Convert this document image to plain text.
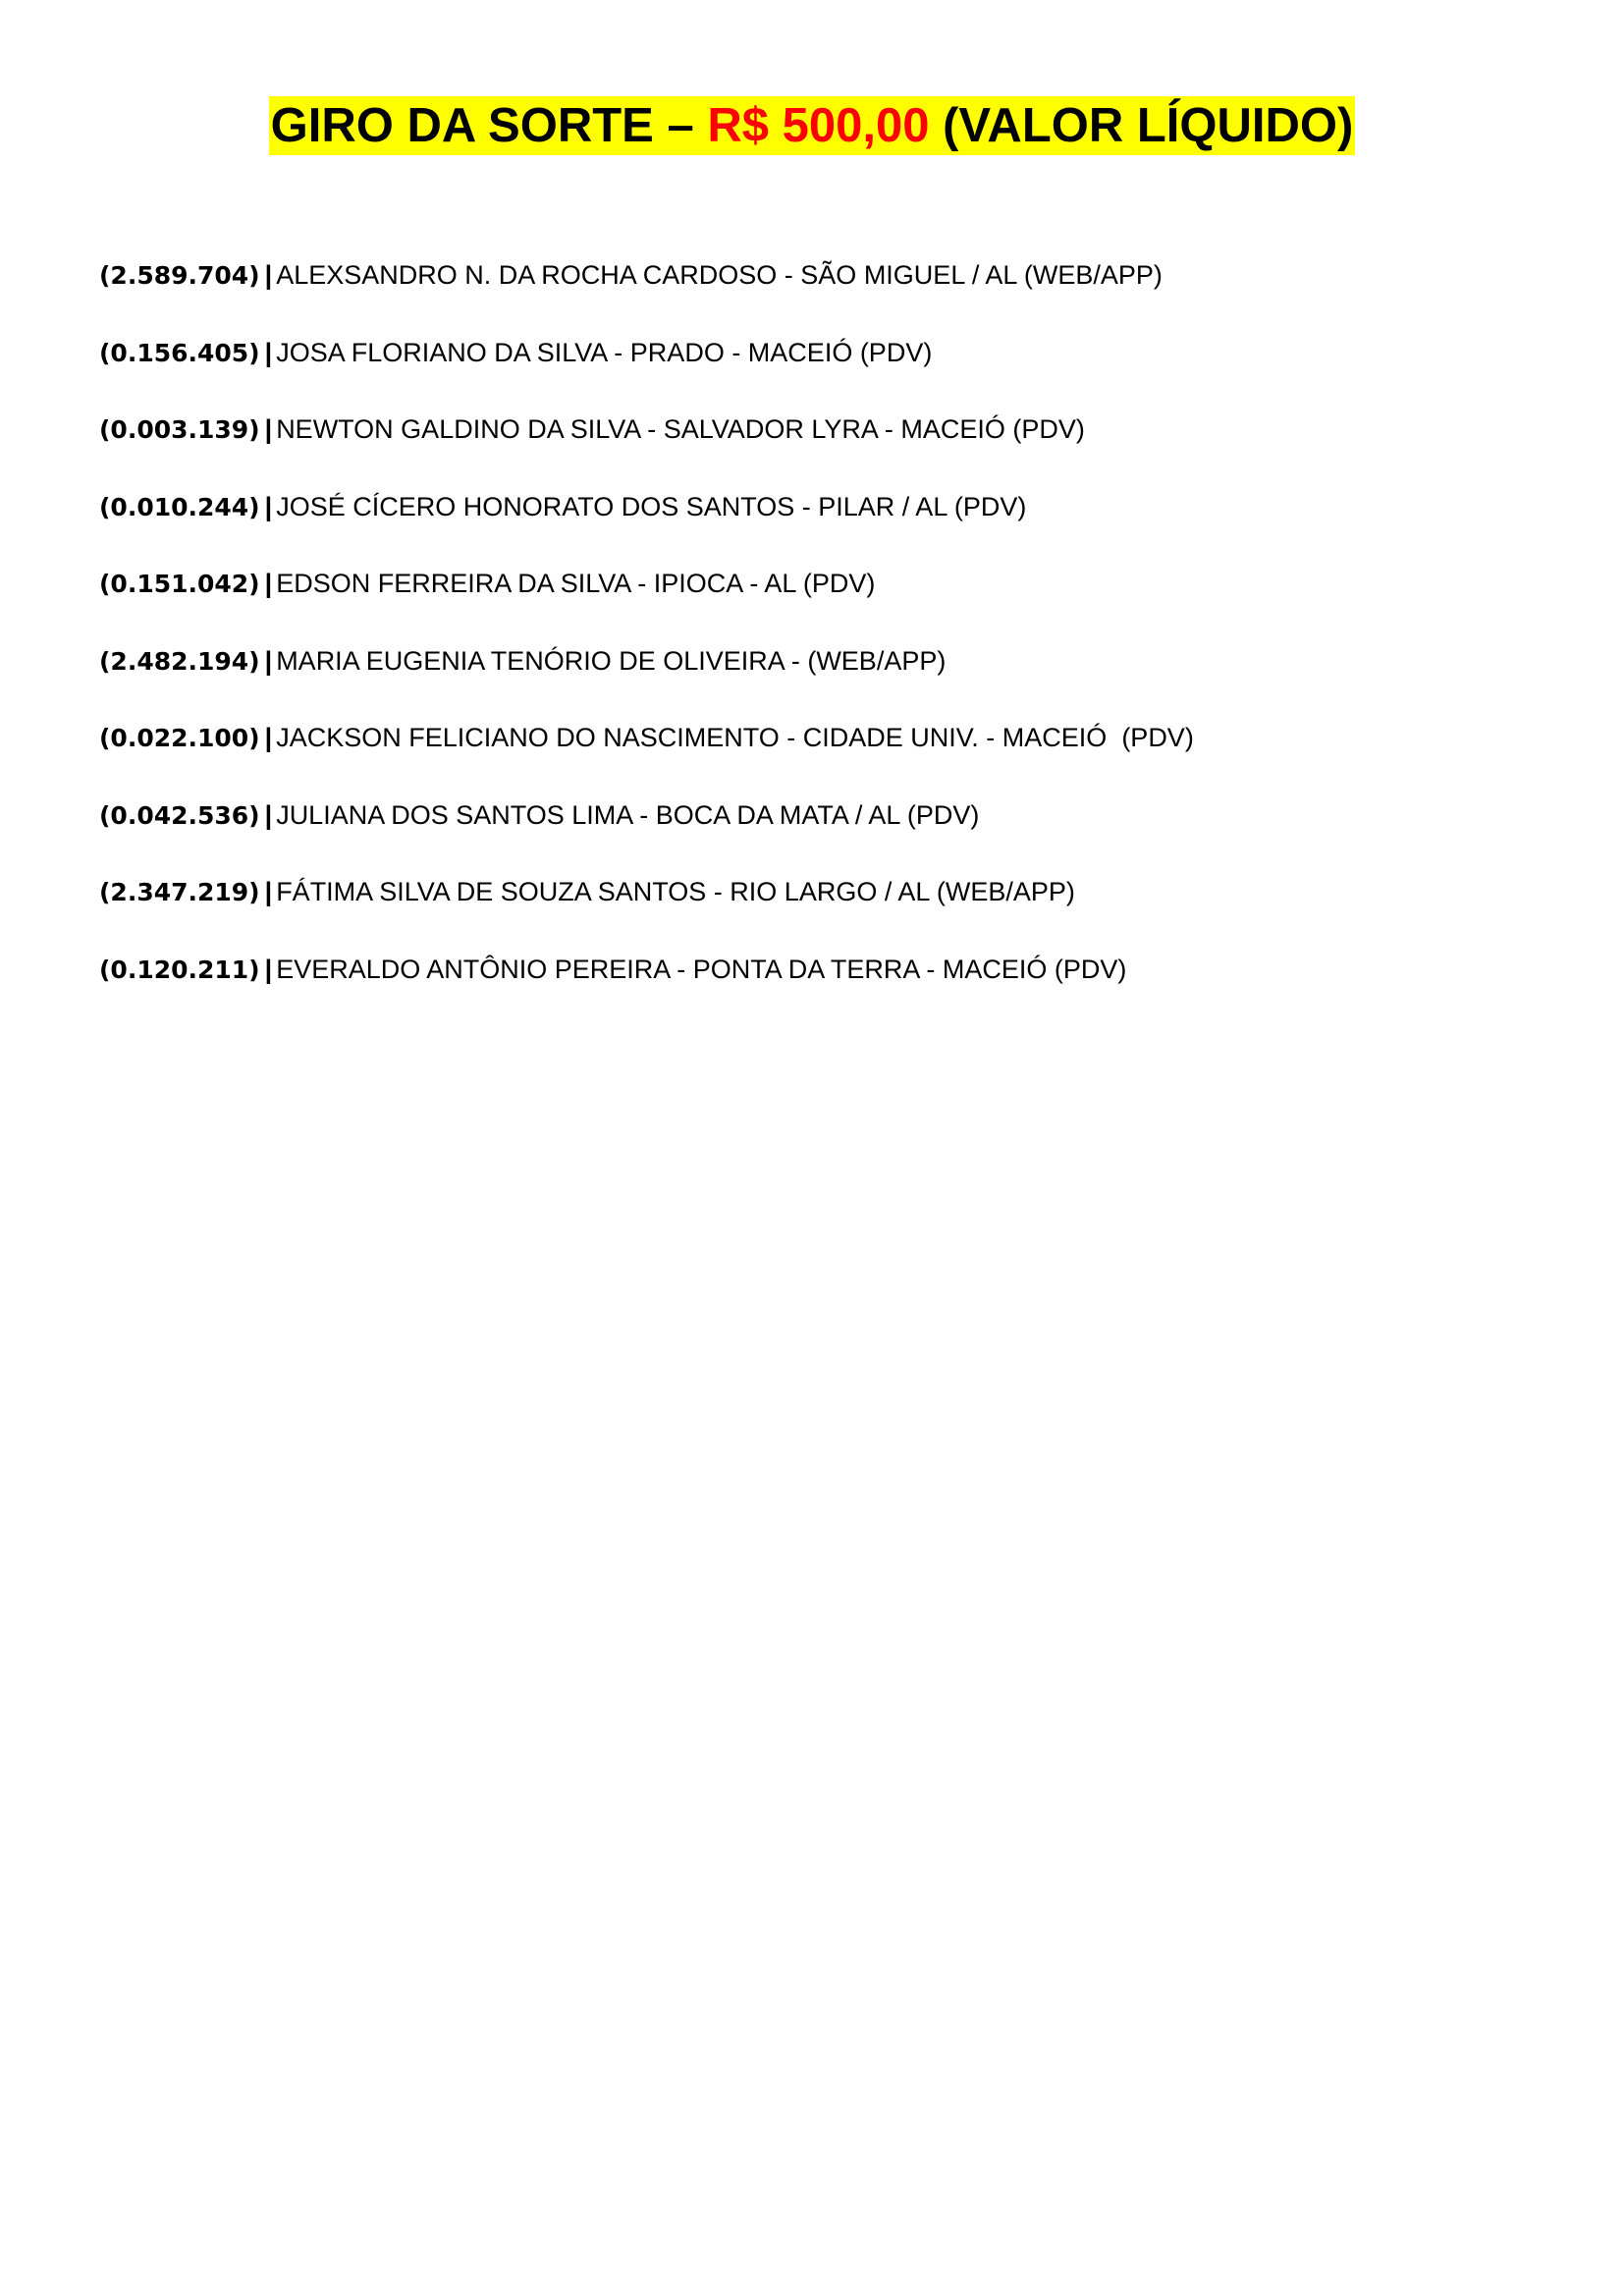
GIRO DA SORTE – R$ 500,00 (VALOR LÍQUIDO)
(2.589.704) | ALEXSANDRO N. DA ROCHA CARDOSO - SÃO MIGUEL / AL (WEB/APP)
(0.156.405) | JOSA FLORIANO DA SILVA - PRADO - MACEIÓ (PDV)
(0.003.139) | NEWTON GALDINO DA SILVA - SALVADOR LYRA - MACEIÓ (PDV)
(0.010.244) | JOSÉ CÍCERO HONORATO DOS SANTOS - PILAR / AL (PDV)
(0.151.042) | EDSON FERREIRA DA SILVA - IPIOCA - AL (PDV)
(2.482.194) | MARIA EUGENIA TENÓRIO DE OLIVEIRA - (WEB/APP)
(0.022.100) | JACKSON FELICIANO DO NASCIMENTO - CIDADE UNIV. - MACEIÓ  (PDV)
(0.042.536) | JULIANA DOS SANTOS LIMA - BOCA DA MATA / AL (PDV)
(2.347.219) | FÁTIMA SILVA DE SOUZA SANTOS - RIO LARGO / AL (WEB/APP)
(0.120.211) | EVERALDO ANTÔNIO PEREIRA - PONTA DA TERRA - MACEIÓ (PDV)
